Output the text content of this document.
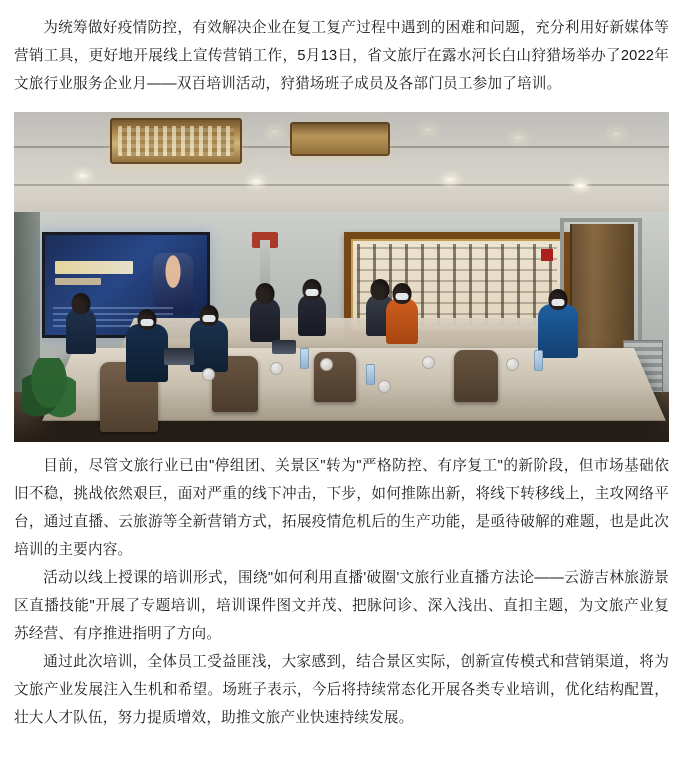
为统筹做好疫情防控，有效解决企业在复工复产过程中遇到的困难和问题，充分利用好新媒体等营销工具，更好地开展线上宣传营销工作，5月13日，省文旅厅在露水河长白山狩猎场举办了2022年文旅行业服务企业月——双百培训活动，狩猎场班子成员及各部门员工参加了培训。

目前，尽管文旅行业已由"停组团、关景区"转为"严格防控、有序复工"的新阶段，但市场基础依旧不稳，挑战依然艰巨，面对严重的线下冲击，下步，如何推陈出新，将线下转移线上，主攻网络平台，通过直播、云旅游等全新营销方式，拓展疫情危机后的生产功能，是亟待破解的难题，也是此次培训的主要内容。

活动以线上授课的培训形式，围绕"如何利用直播'破圈'文旅行业直播方法论——云游吉林旅游景区直播技能"开展了专题培训，培训课件图文并茂、把脉问诊、深入浅出、直扣主题，为文旅产业复苏经营、有序推进指明了方向。

通过此次培训，全体员工受益匪浅，大家感到，结合景区实际，创新宣传模式和营销渠道，将为文旅产业发展注入生机和希望。场班子表示，今后将持续常态化开展各类专业培训，优化结构配置，壮大人才队伍，努力提质增效，助推文旅产业快速持续发展。
